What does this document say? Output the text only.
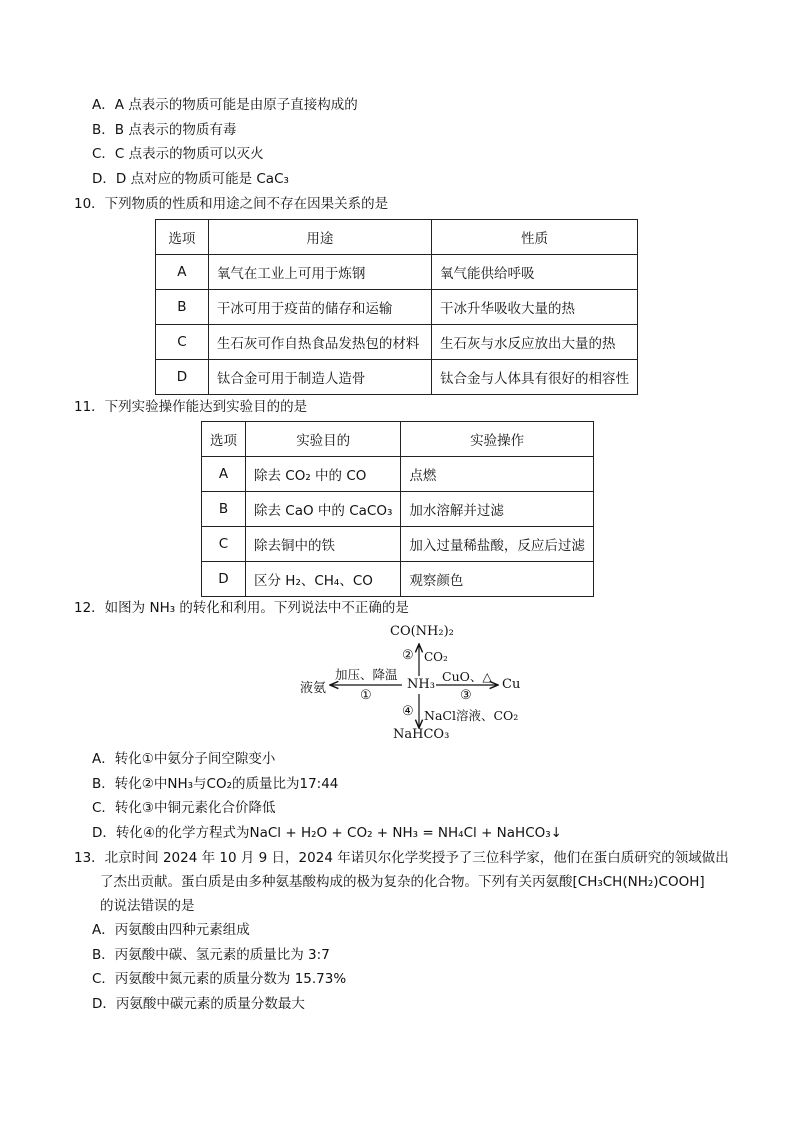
A．A 点表示的物质可能是由原子直接构成的
B．B 点表示的物质有毒
C．C 点表示的物质可以灭火
D．D 点对应的物质可能是 CaC₃
10．下列物质的性质和用途之间不存在因果关系的是
选项	用途	性质
A	氧气在工业上可用于炼钢	氧气能供给呼吸
B	干冰可用于疫苗的储存和运输	干冰升华吸收大量的热
C	生石灰可作自热食品发热包的材料	生石灰与水反应放出大量的热
D	钛合金可用于制造人造骨	钛合金与人体具有很好的相容性
11．下列实验操作能达到实验目的的是
选项	实验目的	实验操作
A	除去 CO₂ 中的 CO	点燃
B	除去 CaO 中的 CaCO₃	加水溶解并过滤
C	除去铜中的铁	加入过量稀盐酸，反应后过滤
D	区分 H₂、CH₄、CO	观察颜色
12．如图为 NH₃ 的转化和利用。下列说法中不正确的是
CO(NH₂)₂
② CO₂
NH₃
液氨
加压、降温
①
CuO、△
③
Cu
④ NaCl溶液、CO₂
NaHCO₃
A．转化①中氨分子间空隙变小
B．转化②中NH₃与CO₂的质量比为17:44
C．转化③中铜元素化合价降低
D．转化④的化学方程式为NaCl + H₂O + CO₂ + NH₃ = NH₄Cl + NaHCO₃↓
13．北京时间 2024 年 10 月 9 日，2024 年诺贝尔化学奖授予了三位科学家，他们在蛋白质研究的领域做出
了杰出贡献。蛋白质是由多种氨基酸构成的极为复杂的化合物。下列有关丙氨酸[CH₃CH(NH₂)COOH]
的说法错误的是
A．丙氨酸由四种元素组成
B．丙氨酸中碳、氢元素的质量比为 3:7
C．丙氨酸中氮元素的质量分数为 15.73%
D．丙氨酸中碳元素的质量分数最大
